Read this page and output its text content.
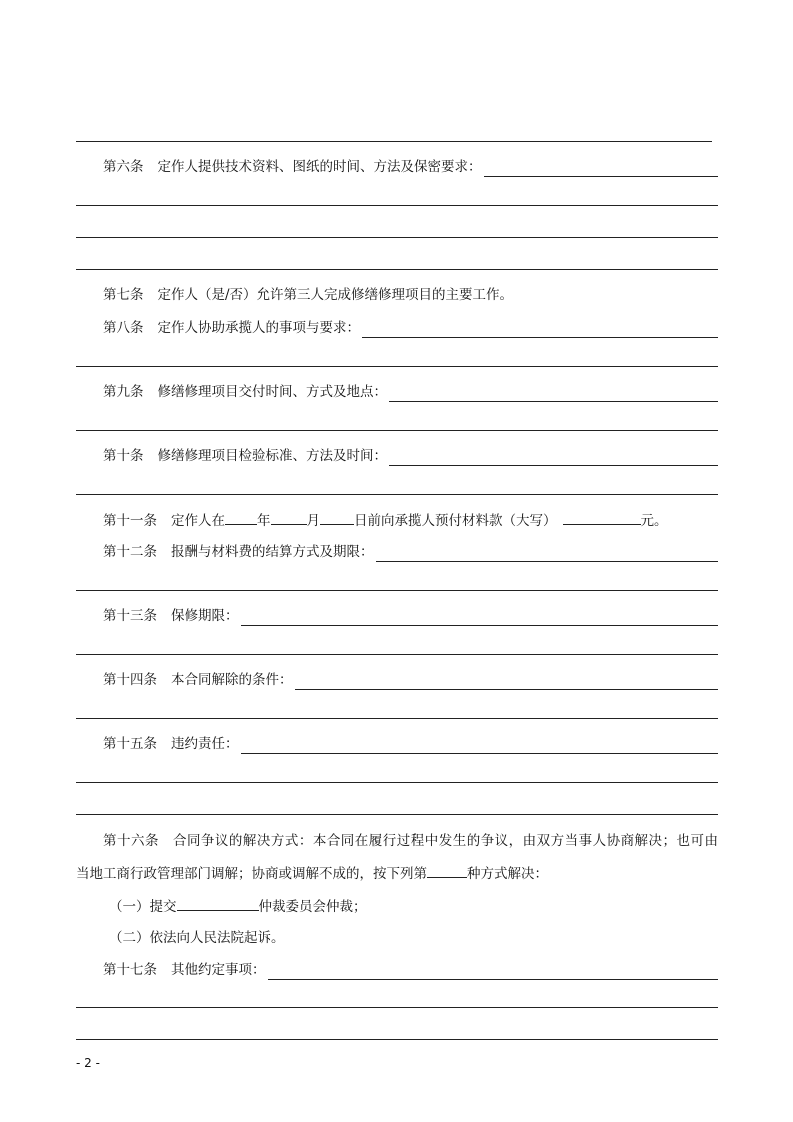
第六条 定作人提供技术资料、图纸的时间、方法及保密要求：
第七条 定作人（是/否）允许第三人完成修缮修理项目的主要工作。
第八条 定作人协助承揽人的事项与要求：
第九条 修缮修理项目交付时间、方式及地点：
第十条 修缮修理项目检验标准、方法及时间：
第十一条 定作人在 年	月	日前向承揽人预付材料款（大写）	元。
第十二条 报酬与材料费的结算方式及期限：
第十三条 保修期限：
第十四条 本合同解除的条件：
第十五条 违约责任：
第十六条 合同争议的解决方式：本合同在履行过程中发生的争议，由双方当事人协商解决；也可由
当地工商行政管理部门调解；协商或调解不成的，按下列第	种方式解决：
（一）提交	仲裁委员会仲裁；
（二）依法向人民法院起诉。
第十七条 其他约定事项：
- 2 -
